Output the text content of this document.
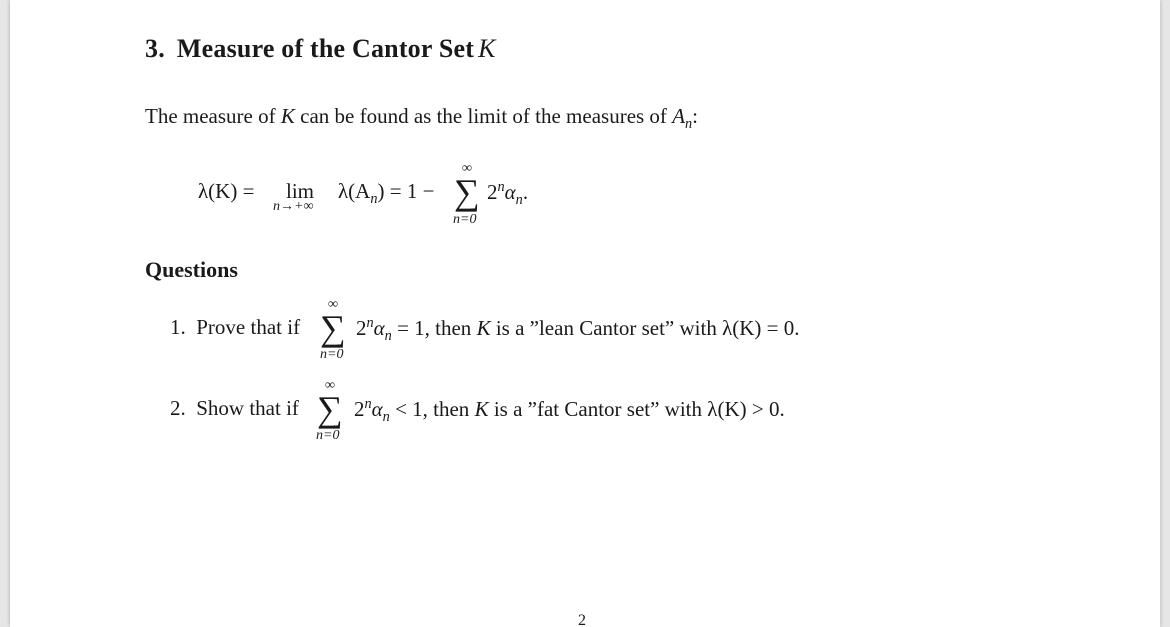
3. Measure of the Cantor Set K
The measure of K can be found as the limit of the measures of $A_n$:
λ(K) = lim
n→+∞
$\lambda(A_n) = 1$ −
∞
∑
n=0
$2^n\alpha_n$.
Questions
1. Prove that if
∞
∑
n=0
$2^n\alpha_n = 1$, then K is a ”lean Cantor set” with λ(K) = 0.
2. Show that if
∞
∑
n=0
$2^n\alpha_n < 1$, then K is a ”fat Cantor set” with λ(K) > 0.
2
